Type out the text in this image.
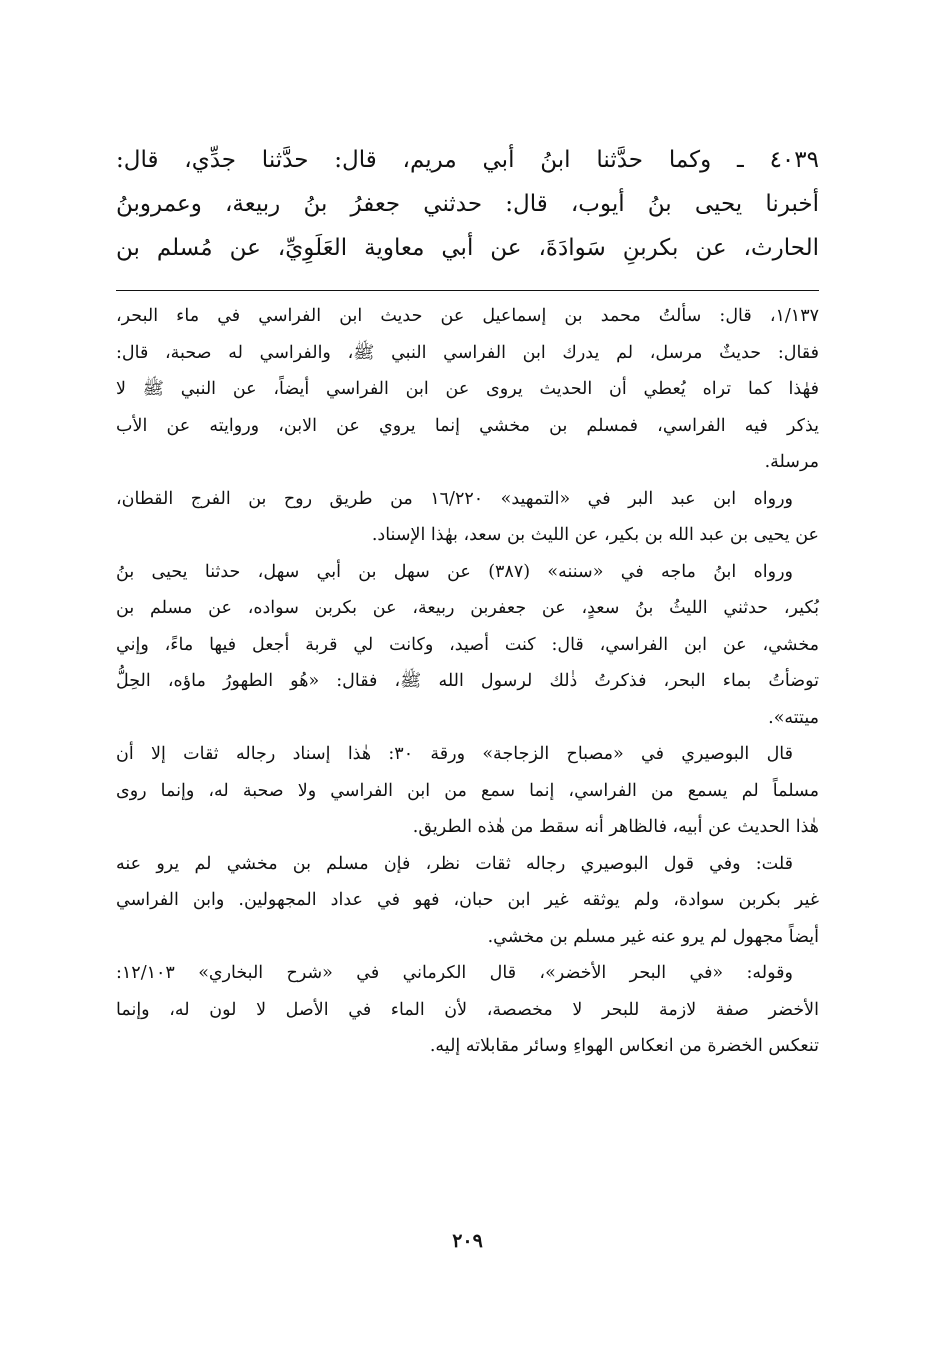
٤٠٣٩ ـ وكما حدَّثنا ابنُ أبي مريم، قال: حدَّثنا جدِّي، قال:
أخبرنا يحيى بنُ أيوب، قال: حدثني جعفرُ بنُ ربيعة، وعمروبنُ
الحارث، عن بكربنِ سَوادَةَ، عن أبي معاوية العَلَوِيِّ، عن مُسلم بن
١/١٣٧، قال: سألتُ محمد بن إسماعيل عن حديث ابن الفراسي في ماء البحر،
فقال: حديثٌ مرسل، لم يدرك ابن الفراسي النبي ﷺ، والفراسي له صحبة، قال:
فهٰذا كما تراه يُعطي أن الحديث يروى عن ابن الفراسي أيضاً، عن النبي ﷺ لا
يذكر فيه الفراسي، فمسلم بن مخشي إنما يروي عن الابن، وروايته عن الأب
مرسلة.
ورواه ابن عبد البر في «التمهيد» ١٦/٢٢٠ من طريق روح بن الفرج القطان،
عن يحيى بن عبد الله بن بكير، عن الليث بن سعد، بهٰذا الإسناد.
ورواه ابنُ ماجه في «سننه» (٣٨٧) عن سهل بن أبي سهل، حدثنا يحيى بنُ
بُكير، حدثني الليثُ بنُ سعدٍ، عن جعفربن ربيعة، عن بكربن سواده، عن مسلم بن
مخشي، عن ابن الفراسي، قال: كنت أصيد، وكانت لي قربة أجعل فيها ماءً، وإني
توضأتُ بماء البحر، فذكرتُ ذٰلك لرسول الله ﷺ، فقال: «هُو الطهورُ ماؤه، الحِلُّ
ميتته».
قال البوصيري في «مصباح الزجاجة» ورقة ٣٠: هٰذا إسناد رجاله ثقات إلا أن
مسلماً لم يسمع من الفراسي، إنما سمع من ابن الفراسي ولا صحبة له، وإنما روى
هٰذا الحديث عن أبيه، فالظاهر أنه سقط من هٰذه الطريق.
قلت: وفي قول البوصيري رجاله ثقات نظر، فإن مسلم بن مخشي لم يرو عنه
غير بكربن سوادة، ولم يوثقه غير ابن حبان، فهو في عداد المجهولين. وابن الفراسي
أيضاً مجهول لم يرو عنه غير مسلم بن مخشي.
وقوله: «في البحر الأخضر»، قال الكرماني في «شرح البخاري» ١٢/١٠٣:
الأخضر صفة لازمة للبحر لا مخصصة، لأن الماء في الأصل لا لون له، وإنما
تنعكس الخضرة من انعكاس الهواءِ وسائر مقابلاته إليه.
٢٠٩
